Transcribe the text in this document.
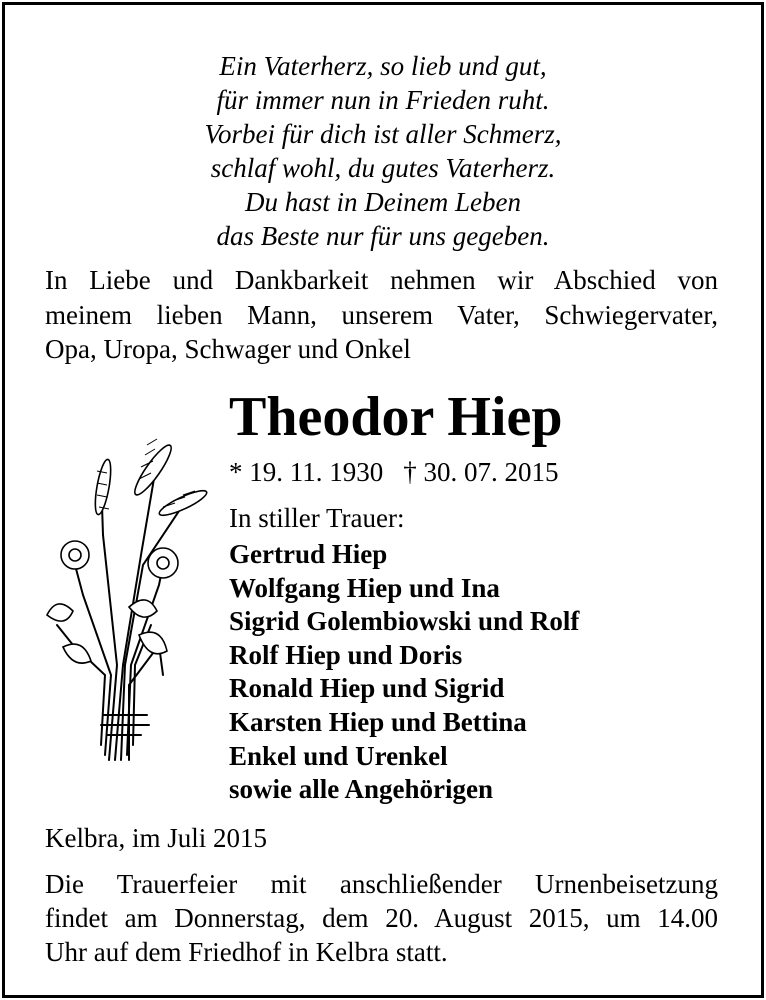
Ein Vaterherz, so lieb und gut,
für immer nun in Frieden ruht.
Vorbei für dich ist aller Schmerz,
schlaf wohl, du gutes Vaterherz.
Du hast in Deinem Leben
das Beste nur für uns gegeben.
In Liebe und Dankbarkeit nehmen wir Abschied von
meinem lieben Mann, unserem Vater, Schwiegervater,
Opa, Uropa, Schwager und Onkel
Theodor Hiep
* 19. 11. 1930 † 30. 07. 2015
In stiller Trauer:
Gertrud Hiep
Wolfgang Hiep und Ina
Sigrid Golembiowski und Rolf
Rolf Hiep und Doris
Ronald Hiep und Sigrid
Karsten Hiep und Bettina
Enkel und Urenkel
sowie alle Angehörigen
Kelbra, im Juli 2015
Die Trauerfeier mit anschließender Urnenbeisetzung
findet am Donnerstag, dem 20. August 2015, um 14.00
Uhr auf dem Friedhof in Kelbra statt.
